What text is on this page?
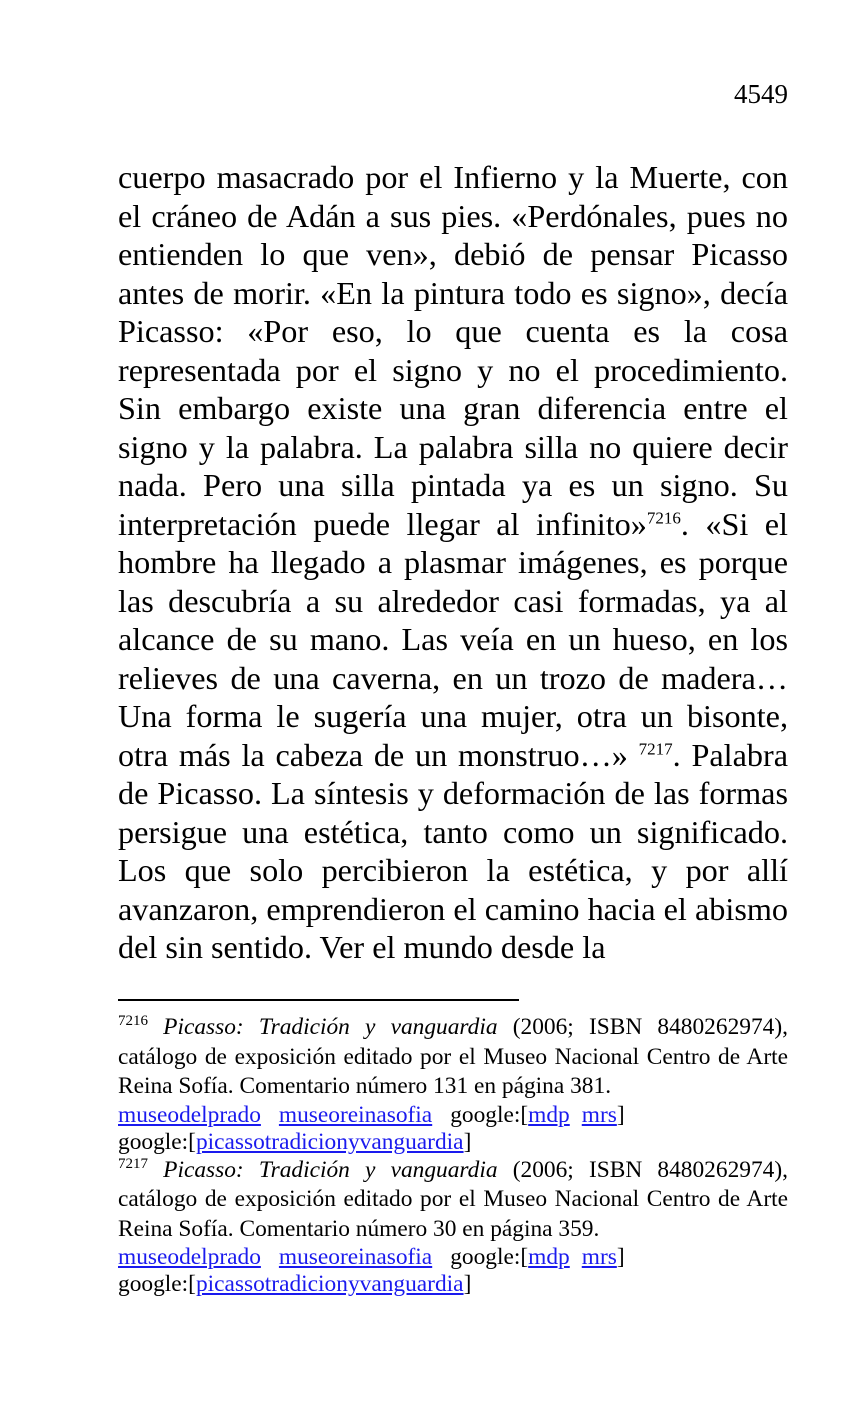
4549

cuerpo masacrado por el Infierno y la Muerte, con el cráneo de Adán a sus pies. «Perdónales, pues no entienden lo que ven», debió de pensar Picasso antes de morir. «En la pintura todo es signo», decía Picasso: «Por eso, lo que cuenta es la cosa representada por el signo y no el procedimiento. Sin embargo existe una gran diferencia entre el signo y la palabra. La palabra silla no quiere decir nada. Pero una silla pintada ya es un signo. Su interpretación puede llegar al infinito»$^{7216}$. «Si el hombre ha llegado a plasmar imágenes, es porque las descubría a su alrededor casi formadas, ya al alcance de su mano. Las veía en un hueso, en los relieves de una caverna, en un trozo de madera… Una forma le sugería una mujer, otra un bisonte, otra más la cabeza de un monstruo…» $^{7217}$. Palabra de Picasso. La síntesis y deformación de las formas persigue una estética, tanto como un significado. Los que solo percibieron la estética, y por allí avanzaron, emprendieron el camino hacia el abismo del sin sentido. Ver el mundo desde la

$^{7216}$ Picasso: Tradición y vanguardia (2006; ISBN 8480262974), catálogo de exposición editado por el Museo Nacional Centro de Arte Reina Sofía. Comentario número 131 en página 381.

museodelprado museoreinasofia google:[mdp mrs]

google:[picassotradicionyvanguardia]

$^{7217}$ Picasso: Tradición y vanguardia (2006; ISBN 8480262974), catálogo de exposición editado por el Museo Nacional Centro de Arte Reina Sofía. Comentario número 30 en página 359.

museodelprado museoreinasofia google:[mdp mrs]

google:[picassotradicionyvanguardia]
